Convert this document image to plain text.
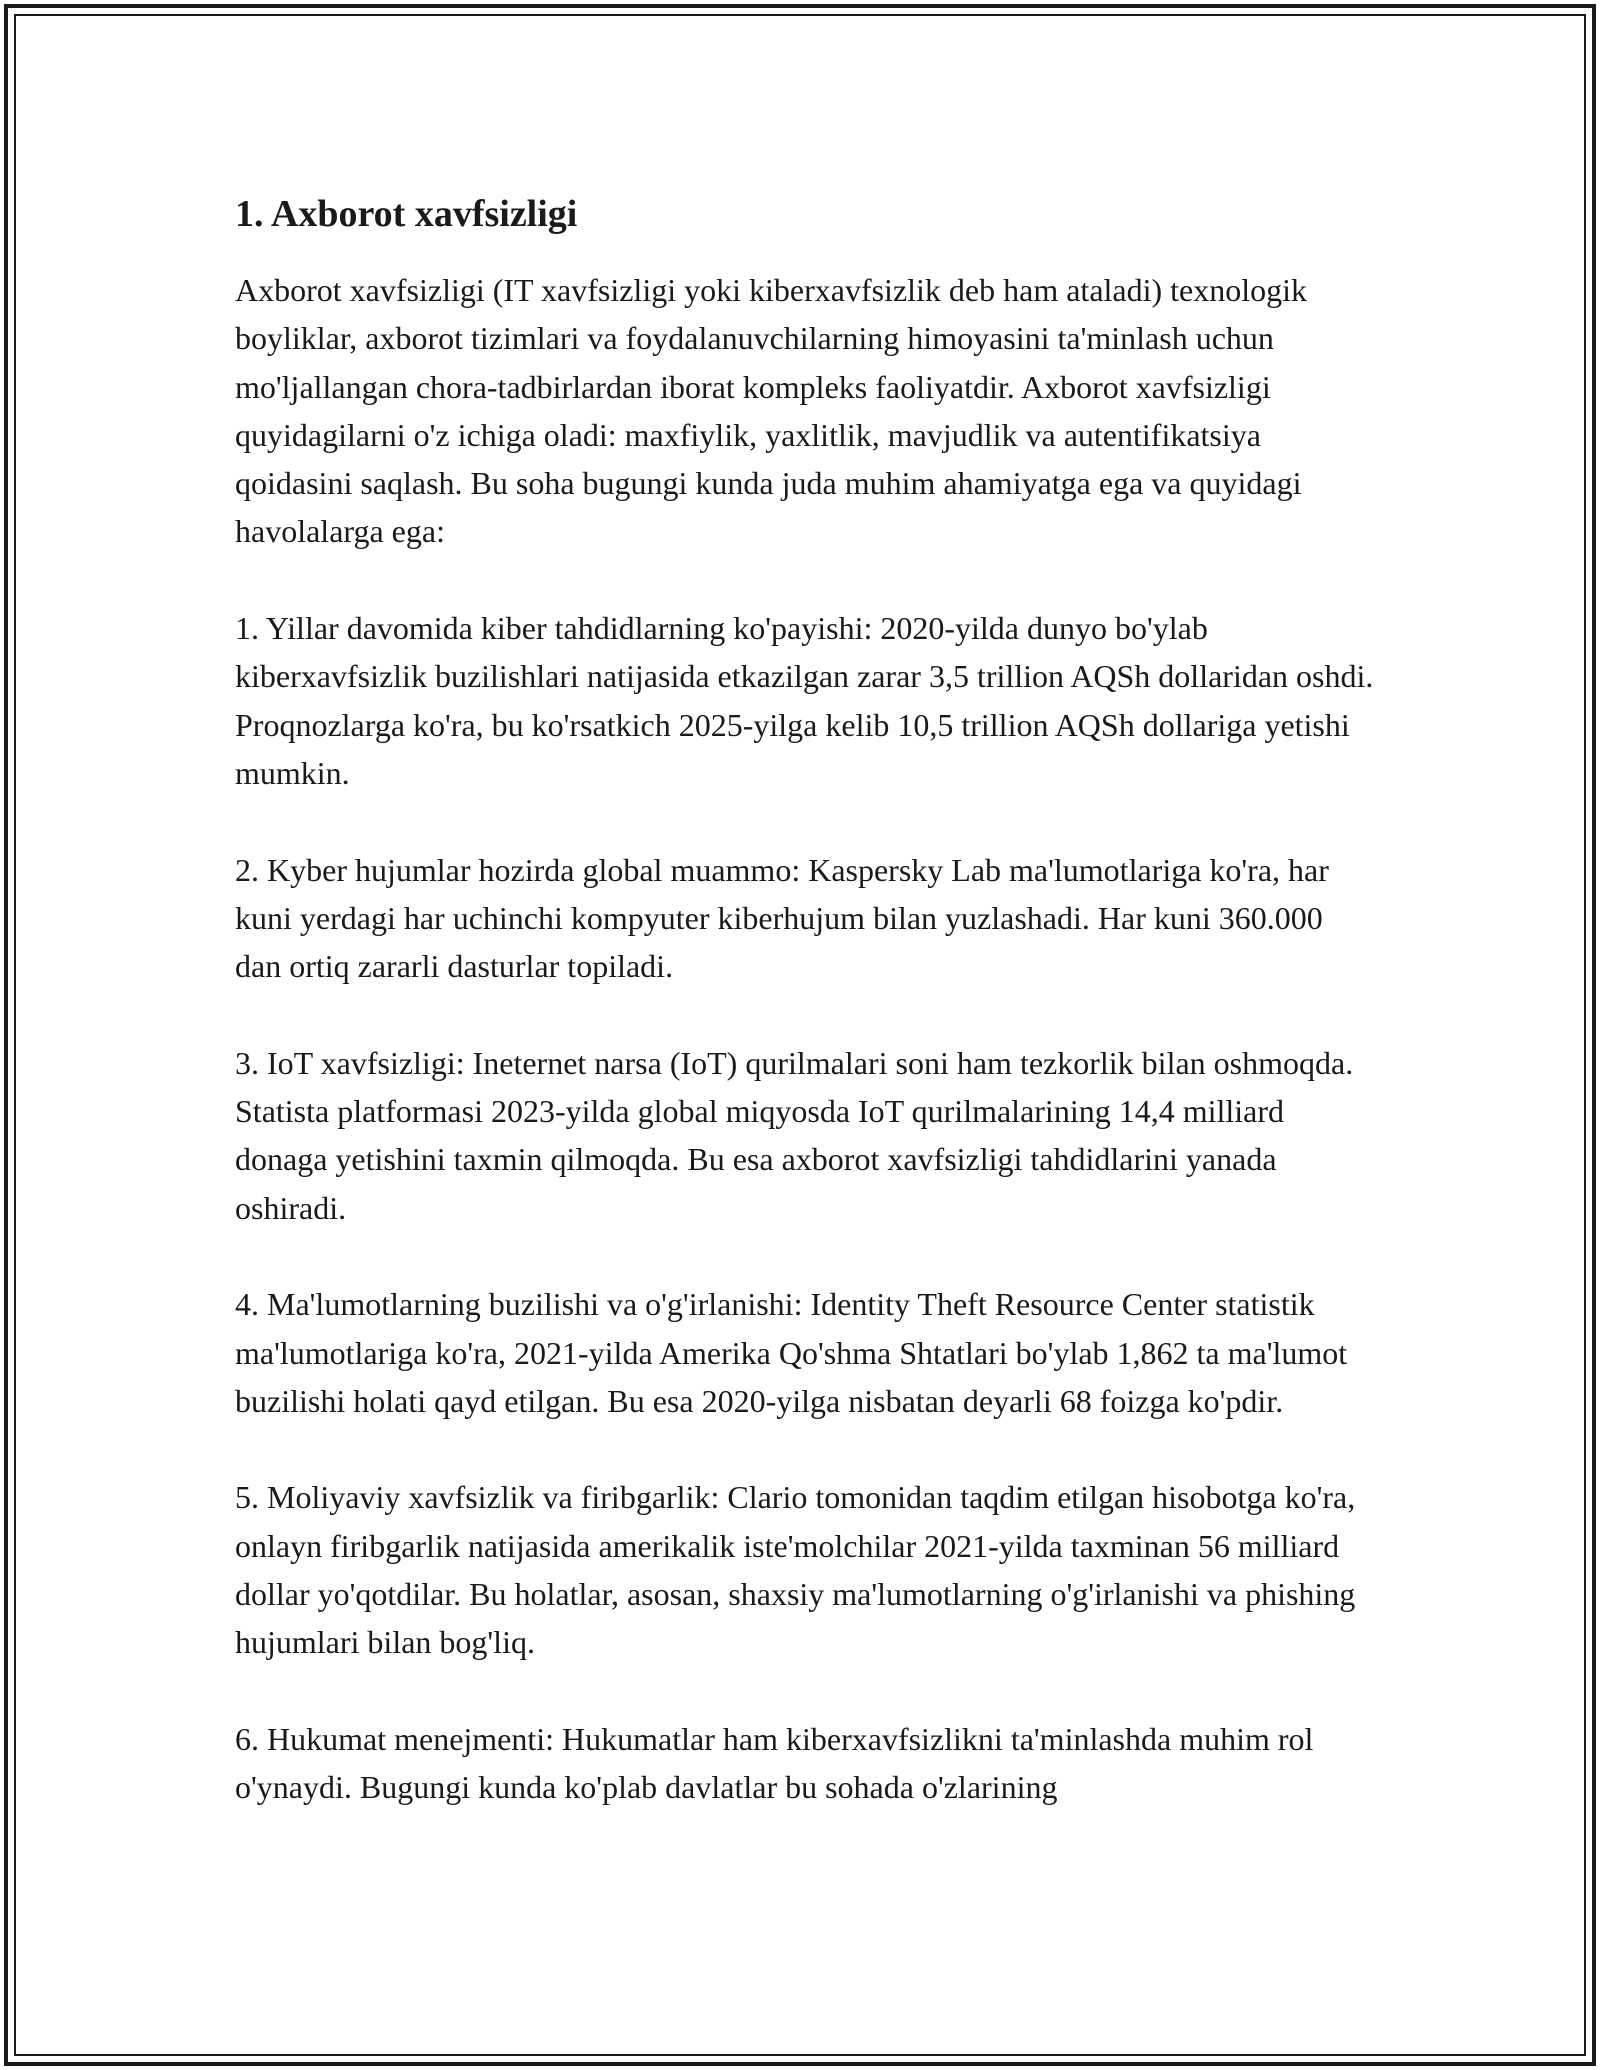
1. Axborot xavfsizligi

Axborot xavfsizligi (IT xavfsizligi yoki kiberxavfsizlik deb ham ataladi) texnologik boyliklar, axborot tizimlari va foydalanuvchilarning himoyasini ta'minlash uchun mo'ljallangan chora-tadbirlardan iborat kompleks faoliyatdir. Axborot xavfsizligi quyidagilarni o'z ichiga oladi: maxfiylik, yaxlitlik, mavjudlik va autentifikatsiya qoidasini saqlash. Bu soha bugungi kunda juda muhim ahamiyatga ega va quyidagi havolalarga ega:

1. Yillar davomida kiber tahdidlarning ko'payishi: 2020-yilda dunyo bo'ylab kiberxavfsizlik buzilishlari natijasida etkazilgan zarar 3,5 trillion AQSh dollaridan oshdi. Proqnozlarga ko'ra, bu ko'rsatkich 2025-yilga kelib 10,5 trillion AQSh dollariga yetishi mumkin.

2. Kyber hujumlar hozirda global muammo: Kaspersky Lab ma'lumotlariga ko'ra, har kuni yerdagi har uchinchi kompyuter kiberhujum bilan yuzlashadi. Har kuni 360.000 dan ortiq zararli dasturlar topiladi.

3. IoT xavfsizligi: Ineternet narsa (IoT) qurilmalari soni ham tezkorlik bilan oshmoqda. Statista platformasi 2023-yilda global miqyosda IoT qurilmalarining 14,4 milliard donaga yetishini taxmin qilmoqda. Bu esa axborot xavfsizligi tahdidlarini yanada oshiradi.

4. Ma'lumotlarning buzilishi va o'g'irlanishi: Identity Theft Resource Center statistik ma'lumotlariga ko'ra, 2021-yilda Amerika Qo'shma Shtatlari bo'ylab 1,862 ta ma'lumot buzilishi holati qayd etilgan. Bu esa 2020-yilga nisbatan deyarli 68 foizga ko'pdir.

5. Moliyaviy xavfsizlik va firibgarlik: Clario tomonidan taqdim etilgan hisobotga ko'ra, onlayn firibgarlik natijasida amerikalik iste'molchilar 2021-yilda taxminan 56 milliard dollar yo'qotdilar. Bu holatlar, asosan, shaxsiy ma'lumotlarning o'g'irlanishi va phishing hujumlari bilan bog'liq.

6. Hukumat menejmenti: Hukumatlar ham kiberxavfsizlikni ta'minlashda muhim rol o'ynaydi. Bugungi kunda ko'plab davlatlar bu sohada o'zlarining
